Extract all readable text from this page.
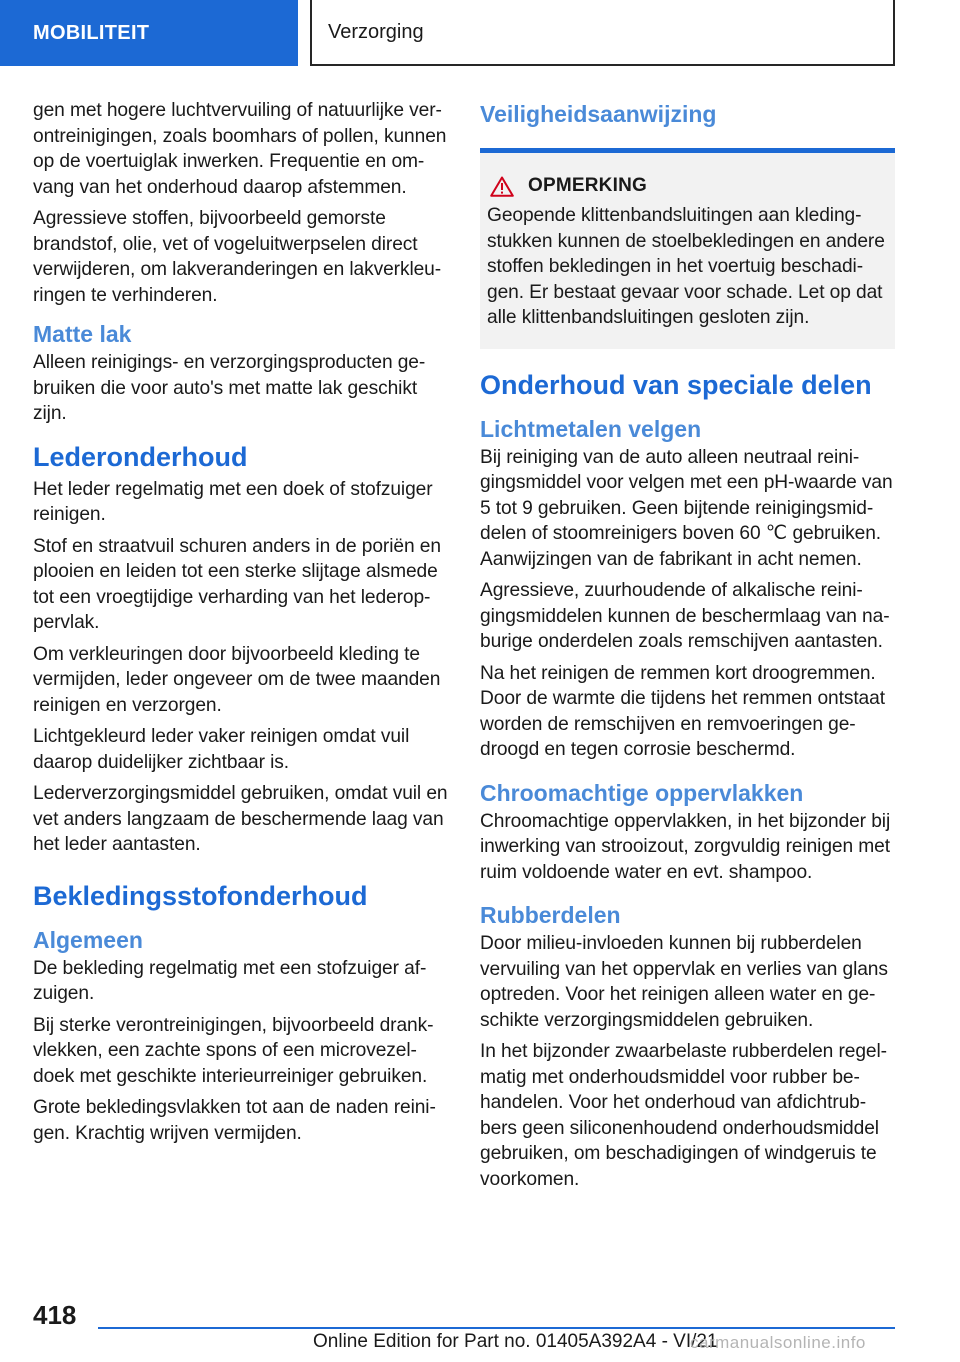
MOBILITEIT	Verzorging

gen met hogere luchtvervuiling of natuurlijke verontreinigingen, zoals boomhars of pollen, kunnen op de voertuiglak inwerken. Frequentie en omvang van het onderhoud daarop afstemmen.

Agressieve stoffen, bijvoorbeeld gemorste brandstof, olie, vet of vogeluitwerpselen direct verwijderen, om lakveranderingen en lakverkleuringen te verhinderen.

Matte lak

Alleen reinigings- en verzorgingsproducten gebruiken die voor auto's met matte lak geschikt zijn.

Lederonderhoud

Het leder regelmatig met een doek of stofzuiger reinigen.

Stof en straatvuil schuren anders in de poriën en plooien en leiden tot een sterke slijtage alsmede tot een vroegtijdige verharding van het lederoppervlak.

Om verkleuringen door bijvoorbeeld kleding te vermijden, leder ongeveer om de twee maanden reinigen en verzorgen.

Lichtgekleurd leder vaker reinigen omdat vuil daarop duidelijker zichtbaar is.

Lederverzorgingsmiddel gebruiken, omdat vuil en vet anders langzaam de beschermende laag van het leder aantasten.

Bekledingsstofonderhoud
Algemeen

De bekleding regelmatig met een stofzuiger afzuigen.

Bij sterke verontreinigingen, bijvoorbeeld drankvlekken, een zachte spons of een microvezeldoek met geschikte interieurreiniger gebruiken.

Grote bekledingsvlakken tot aan de naden reinigen. Krachtig wrijven vermijden.

Veiligheidsaanwijzing
OPMERKING

Geopende klittenbandsluitingen aan kledingstukken kunnen de stoelbekledingen en andere stoffen bekledingen in het voertuig beschadigen. Er bestaat gevaar voor schade. Let op dat alle klittenbandsluitingen gesloten zijn.

Onderhoud van speciale delen
Lichtmetalen velgen

Bij reiniging van de auto alleen neutraal reinigingsmiddel voor velgen met een pH-waarde van 5 tot 9 gebruiken. Geen bijtende reinigingsmiddelen of stoomreinigers boven 60 ℃ gebruiken. Aanwijzingen van de fabrikant in acht nemen.

Agressieve, zuurhoudende of alkalische reinigingsmiddelen kunnen de beschermlaag van naburige onderdelen zoals remschijven aantasten.

Na het reinigen de remmen kort droogremmen. Door de warmte die tijdens het remmen ontstaat worden de remschijven en remvoeringen gedroogd en tegen corrosie beschermd.

Chroomachtige oppervlakken

Chroomachtige oppervlakken, in het bijzonder bij inwerking van strooizout, zorgvuldig reinigen met ruim voldoende water en evt. shampoo.

Rubberdelen

Door milieu-invloeden kunnen bij rubberdelen vervuiling van het oppervlak en verlies van glans optreden. Voor het reinigen alleen water en geschikte verzorgingsmiddelen gebruiken.

In het bijzonder zwaarbelaste rubberdelen regelmatig met onderhoudsmiddel voor rubber behandelen. Voor het onderhoud van afdichtrubbers geen siliconenhoudend onderhoudsmiddel gebruiken, om beschadigingen of windgeruis te voorkomen.

418
Online Edition for Part no. 01405A392A4 - VI/21
carmanualsonline.info
